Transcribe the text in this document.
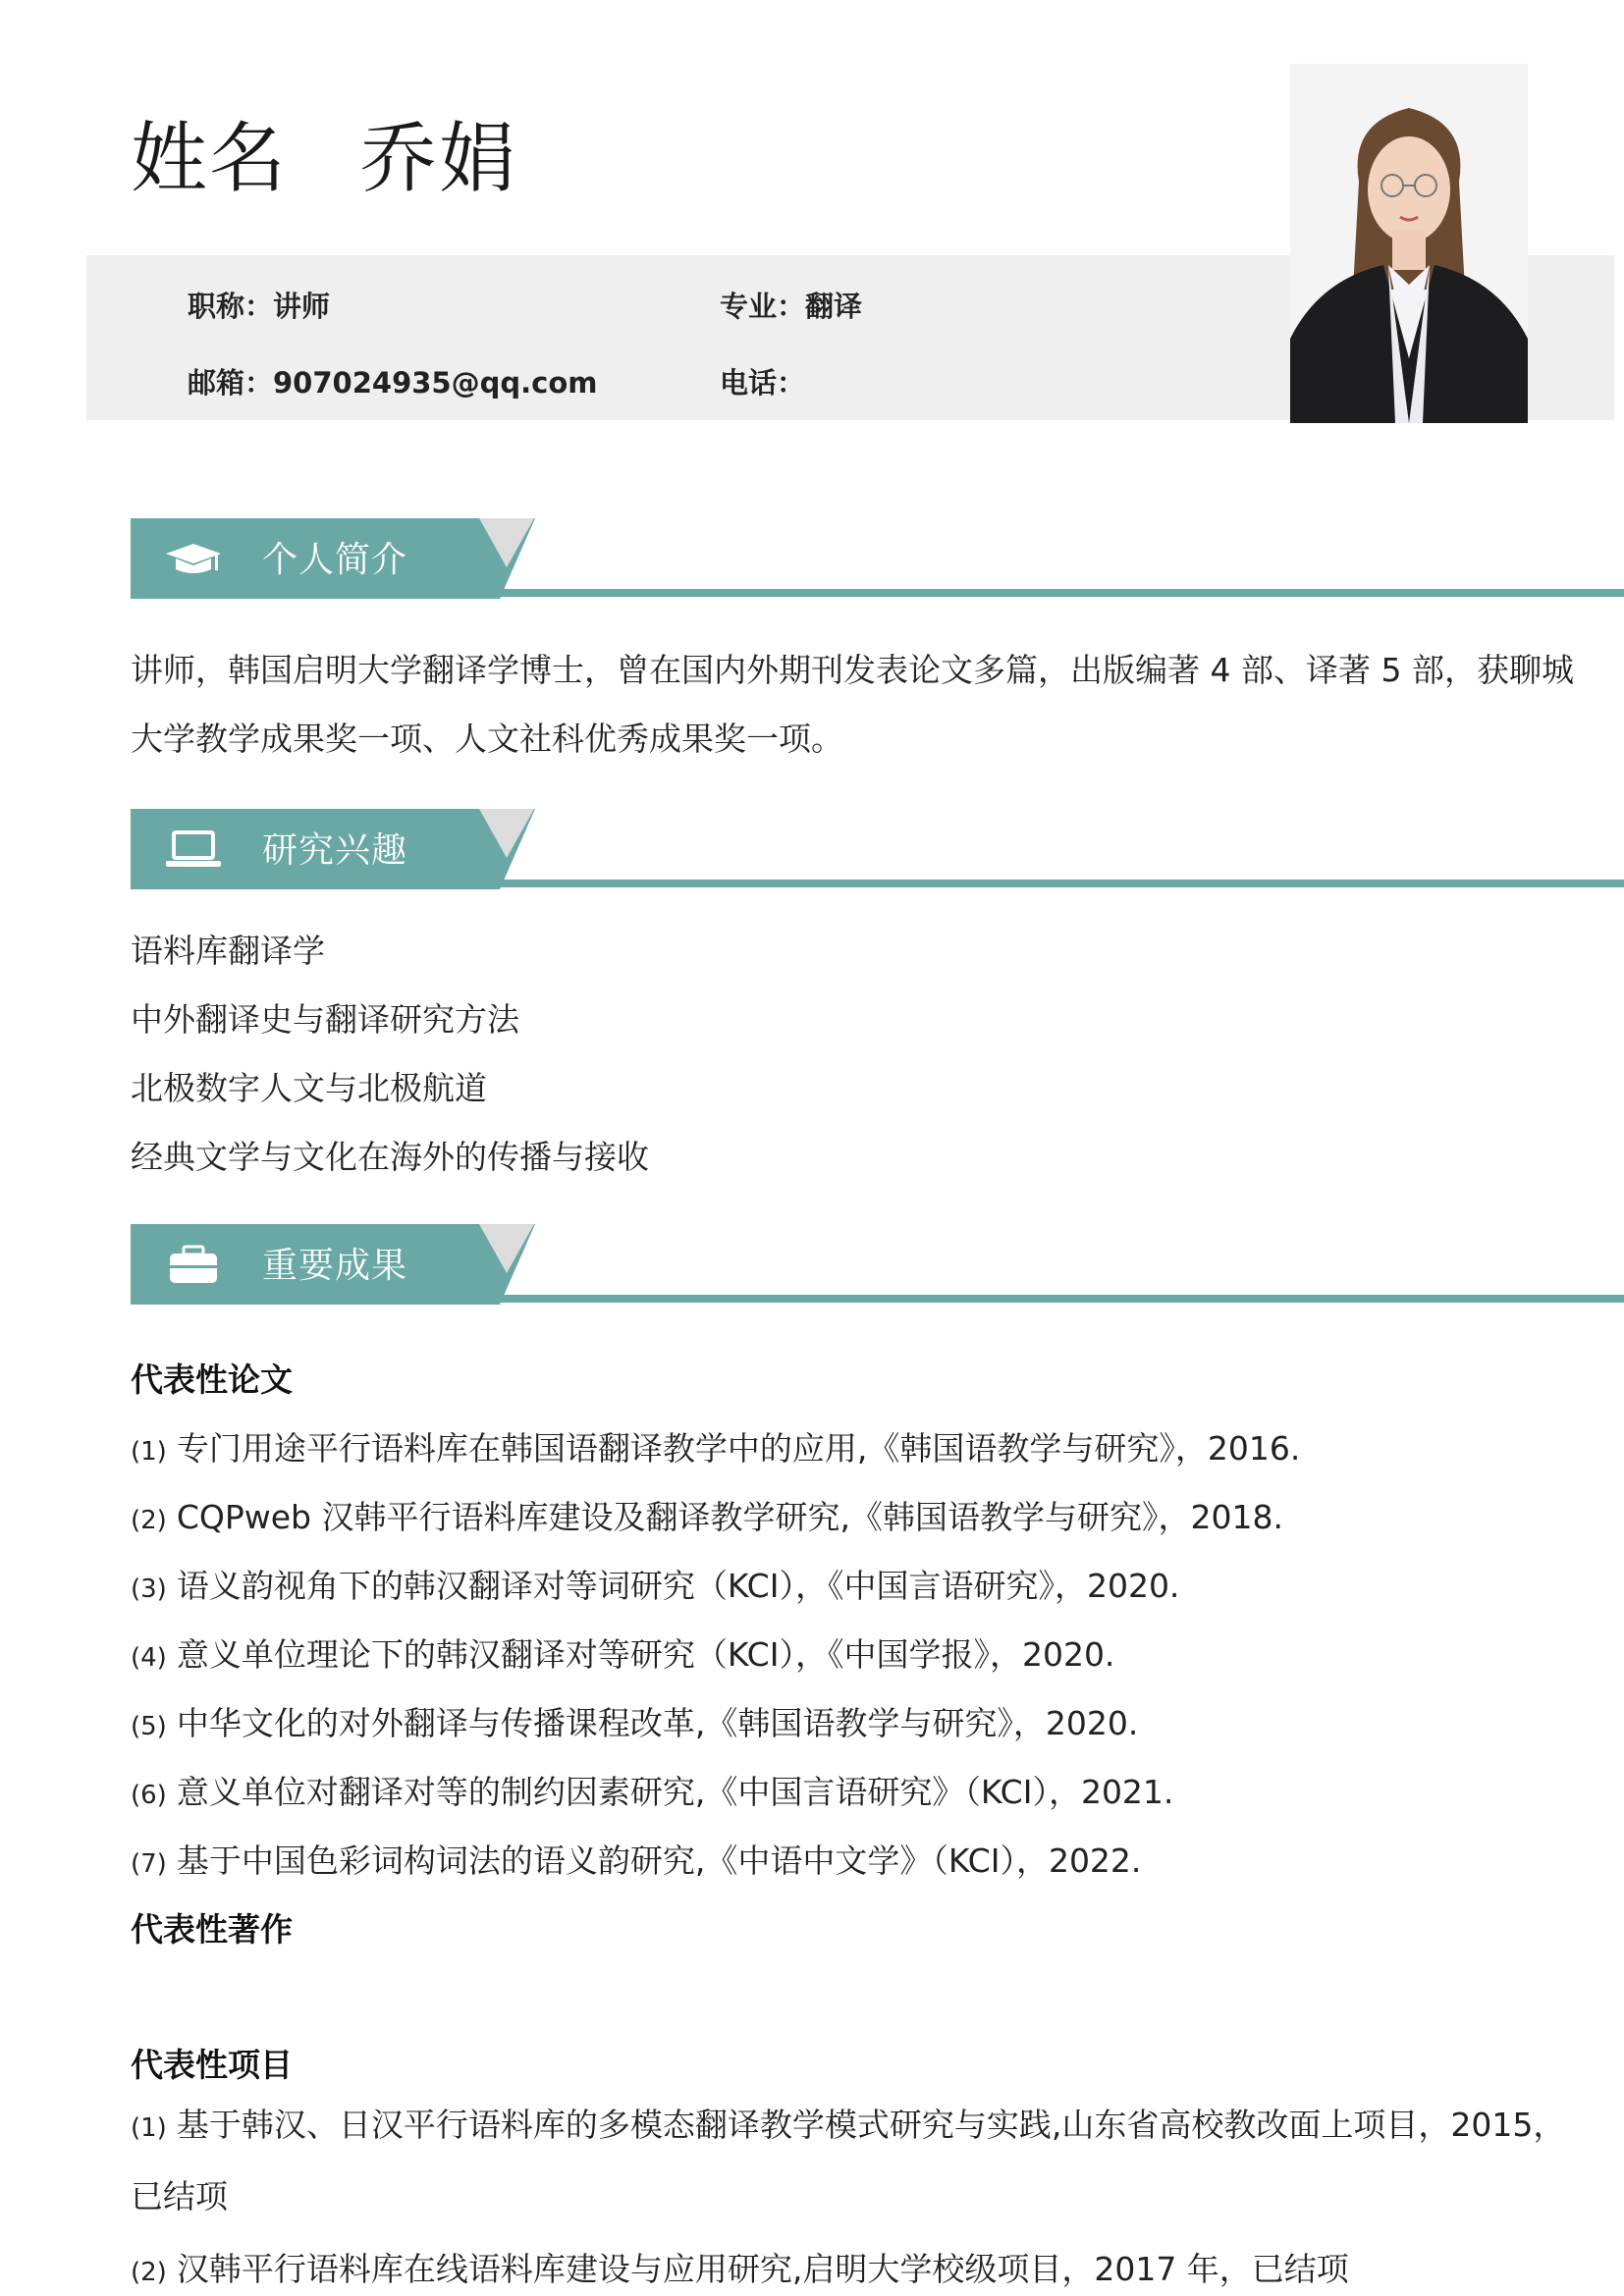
姓名 乔娟
职称：讲师	专业：翻译
邮箱：907024935@qq.com	电话：
个人简介
讲师，韩国启明大学翻译学博士，曾在国内外期刊发表论文多篇，出版编著 4 部、译著 5 部，获聊城大学教学成果奖一项、人文社科优秀成果奖一项。
研究兴趣
语料库翻译学
中外翻译史与翻译研究方法
北极数字人文与北极航道
经典文学与文化在海外的传播与接收
重要成果
代表性论文
(1) 专门用途平行语料库在韩国语翻译教学中的应用,《韩国语教学与研究》，2016.
(2) CQPweb 汉韩平行语料库建设及翻译教学研究,《韩国语教学与研究》，2018.
(3) 语义韵视角下的韩汉翻译对等词研究（KCI），《中国言语研究》，2020.
(4) 意义单位理论下的韩汉翻译对等研究（KCI），《中国学报》，2020.
(5) 中华文化的对外翻译与传播课程改革,《韩国语教学与研究》，2020.
(6) 意义单位对翻译对等的制约因素研究,《中国言语研究》（KCI），2021.
(7) 基于中国色彩词构词法的语义韵研究,《中语中文学》（KCI），2022.
代表性著作
代表性项目
(1) 基于韩汉、日汉平行语料库的多模态翻译教学模式研究与实践,山东省高校教改面上项目，2015，已结项
(2) 汉韩平行语料库在线语料库建设与应用研究,启明大学校级项目，2017 年，已结项
